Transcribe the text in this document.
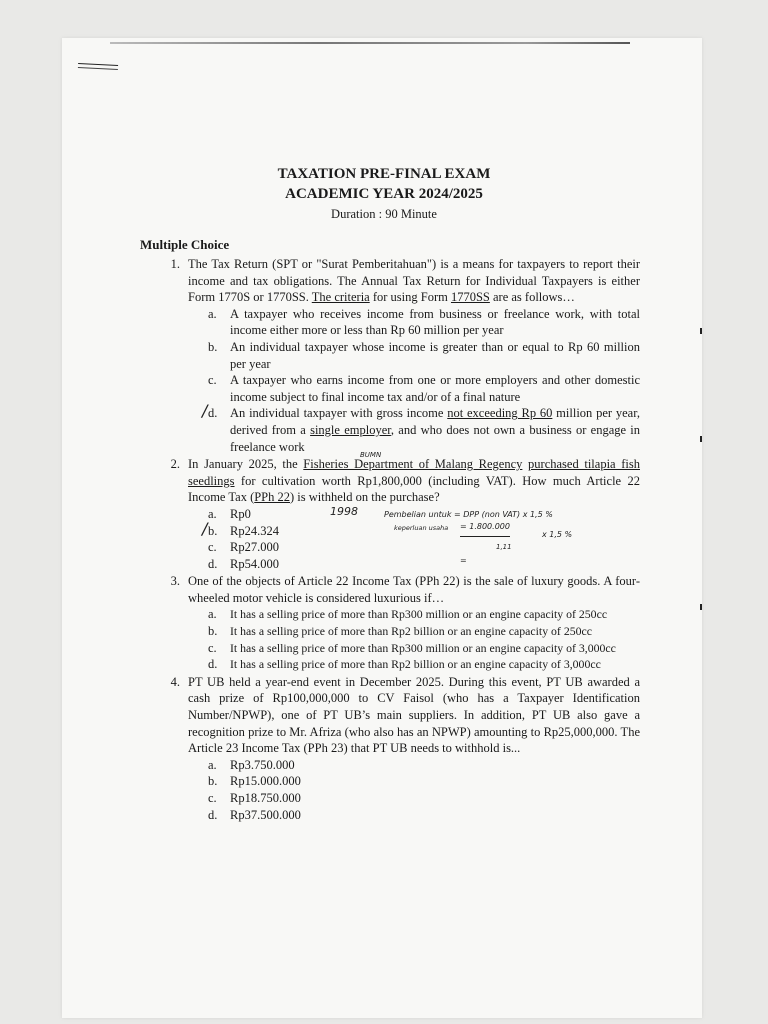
TAXATION PRE-FINAL EXAM
ACADEMIC YEAR 2024/2025
Duration : 90 Minute
Multiple Choice
1. The Tax Return (SPT or "Surat Pemberitahuan") is a means for taxpayers to report their income and tax obligations. The Annual Tax Return for Individual Taxpayers is either Form 1770S or 1770SS. The criteria for using Form 1770SS are as follows…
a.	A taxpayer who receives income from business or freelance work, with total income either more or less than Rp 60 million per year
b.	An individual taxpayer whose income is greater than or equal to Rp 60 million per year
c.	A taxpayer who earns income from one or more employers and other domestic income subject to final income tax and/or of a final nature
/ d.	An individual taxpayer with gross income not exceeding Rp 60 million per year, derived from a single employer, and who does not own a business or engage in freelance work
2.
BUMN
In January 2025, the Fisheries Department of Malang Regency purchased tilapia fish seedlings for cultivation worth Rp1,800,000 (including VAT). How much Article 22 Income Tax (PPh 22) is withheld on the purchase?
a.	Rp0
/ b.	Rp24.324
c.	Rp27.000
d.	Rp54.000
1998	Pembelian untuk = DPP (non VAT) x 1,5 %
keperluan usaha = 1.800.000
1,11
x 1,5 %
=
3. One of the objects of Article 22 Income Tax (PPh 22) is the sale of luxury goods. A four-wheeled motor vehicle is considered luxurious if…
a.	It has a selling price of more than Rp300 million or an engine capacity of 250cc
b.	It has a selling price of more than Rp2 billion or an engine capacity of 250cc
c.	It has a selling price of more than Rp300 million or an engine capacity of 3,000cc
d.	It has a selling price of more than Rp2 billion or an engine capacity of 3,000cc
4. PT UB held a year-end event in December 2025. During this event, PT UB awarded a cash prize of Rp100,000,000 to CV Faisol (who has a Taxpayer Identification Number/NPWP), one of PT UB’s main suppliers. In addition, PT UB also gave a recognition prize to Mr. Afriza (who also has an NPWP) amounting to Rp25,000,000. The Article 23 Income Tax (PPh 23) that PT UB needs to withhold is...
a.	Rp3.750.000
b.	Rp15.000.000
c.	Rp18.750.000
d.	Rp37.500.000
